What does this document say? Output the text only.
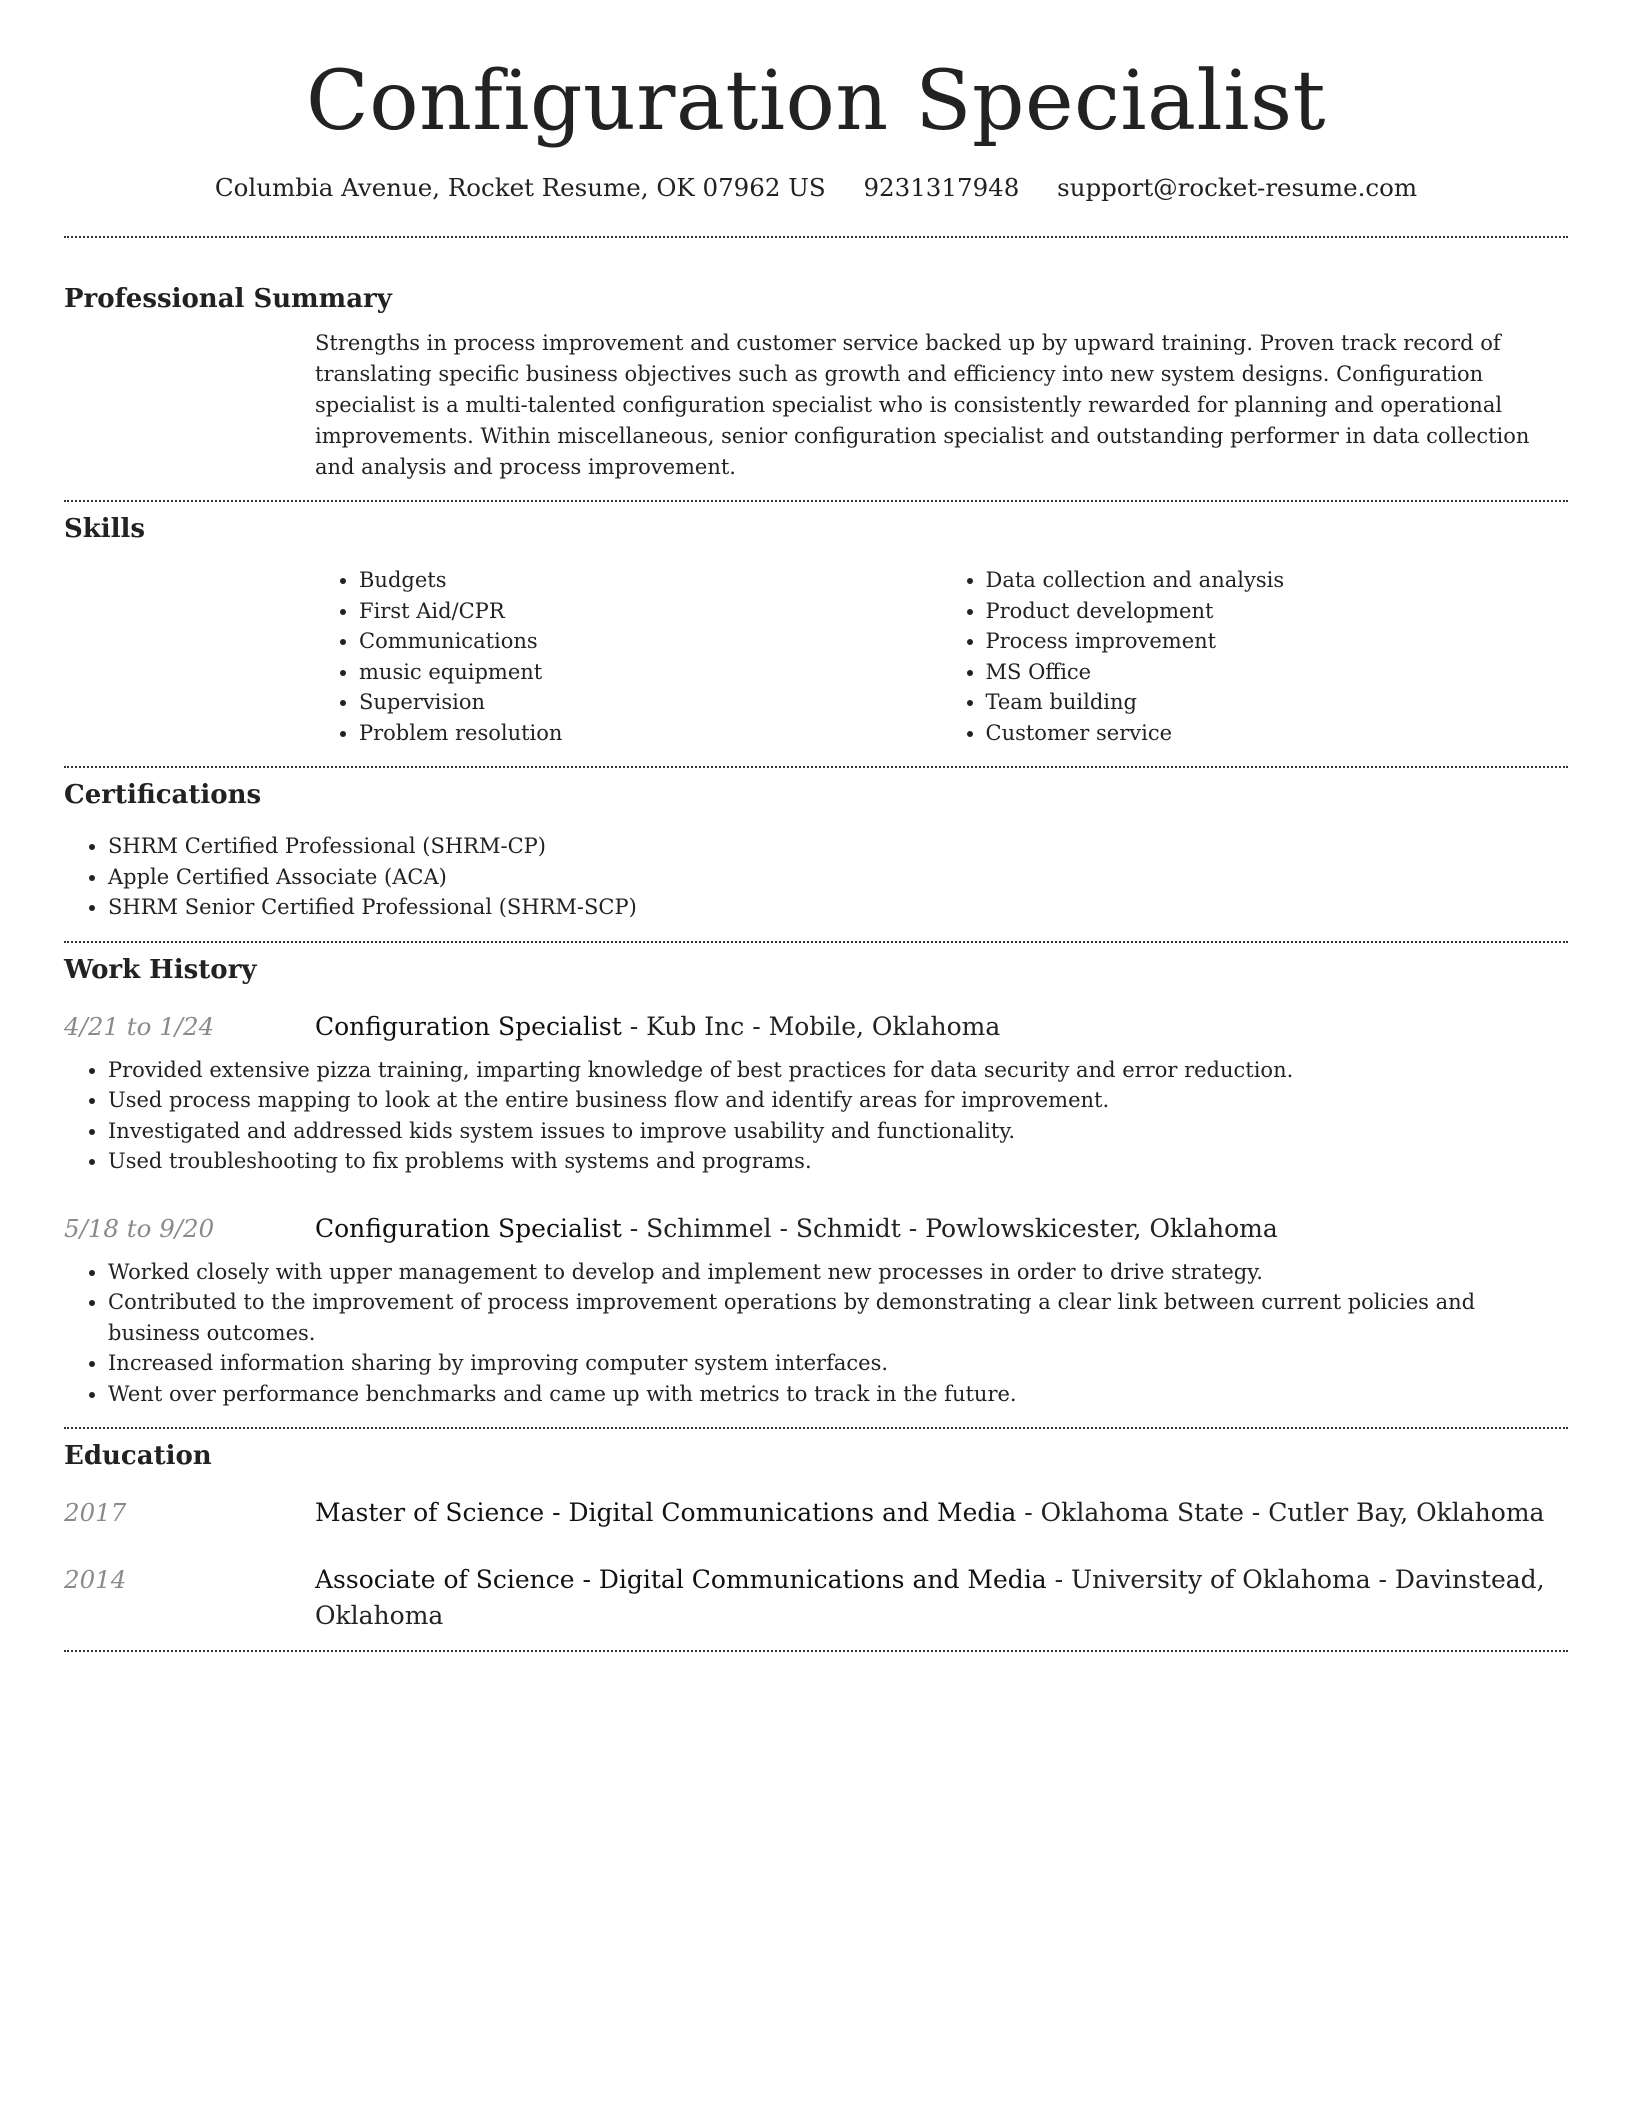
Configuration Specialist
Columbia Avenue, Rocket Resume, OK 07962 US 9231317948 support@rocket-resume.com
Professional Summary
Strengths in process improvement and customer service backed up by upward training. Proven track record of translating specific business objectives such as growth and efficiency into new system designs. Configuration specialist is a multi-talented configuration specialist who is consistently rewarded for planning and operational improvements. Within miscellaneous, senior configuration specialist and outstanding performer in data collection and analysis and process improvement.
Skills
• Budgets
• First Aid/CPR
• Communications
• music equipment
• Supervision
• Problem resolution
• Data collection and analysis
• Product development
• Process improvement
• MS Office
• Team building
• Customer service
Certifications
• SHRM Certified Professional (SHRM-CP)
• Apple Certified Associate (ACA)
• SHRM Senior Certified Professional (SHRM-SCP)
Work History
4/21 to 1/24	Configuration Specialist - Kub Inc - Mobile, Oklahoma
• Provided extensive pizza training, imparting knowledge of best practices for data security and error reduction.
• Used process mapping to look at the entire business flow and identify areas for improvement.
• Investigated and addressed kids system issues to improve usability and functionality.
• Used troubleshooting to fix problems with systems and programs.
5/18 to 9/20	Configuration Specialist - Schimmel - Schmidt - Powlowskicester, Oklahoma
• Worked closely with upper management to develop and implement new processes in order to drive strategy.
• Contributed to the improvement of process improvement operations by demonstrating a clear link between current policies and business outcomes.
• Increased information sharing by improving computer system interfaces.
• Went over performance benchmarks and came up with metrics to track in the future.
Education
2017	Master of Science - Digital Communications and Media - Oklahoma State - Cutler Bay, Oklahoma
2014	Associate of Science - Digital Communications and Media - University of Oklahoma - Davinstead, Oklahoma
